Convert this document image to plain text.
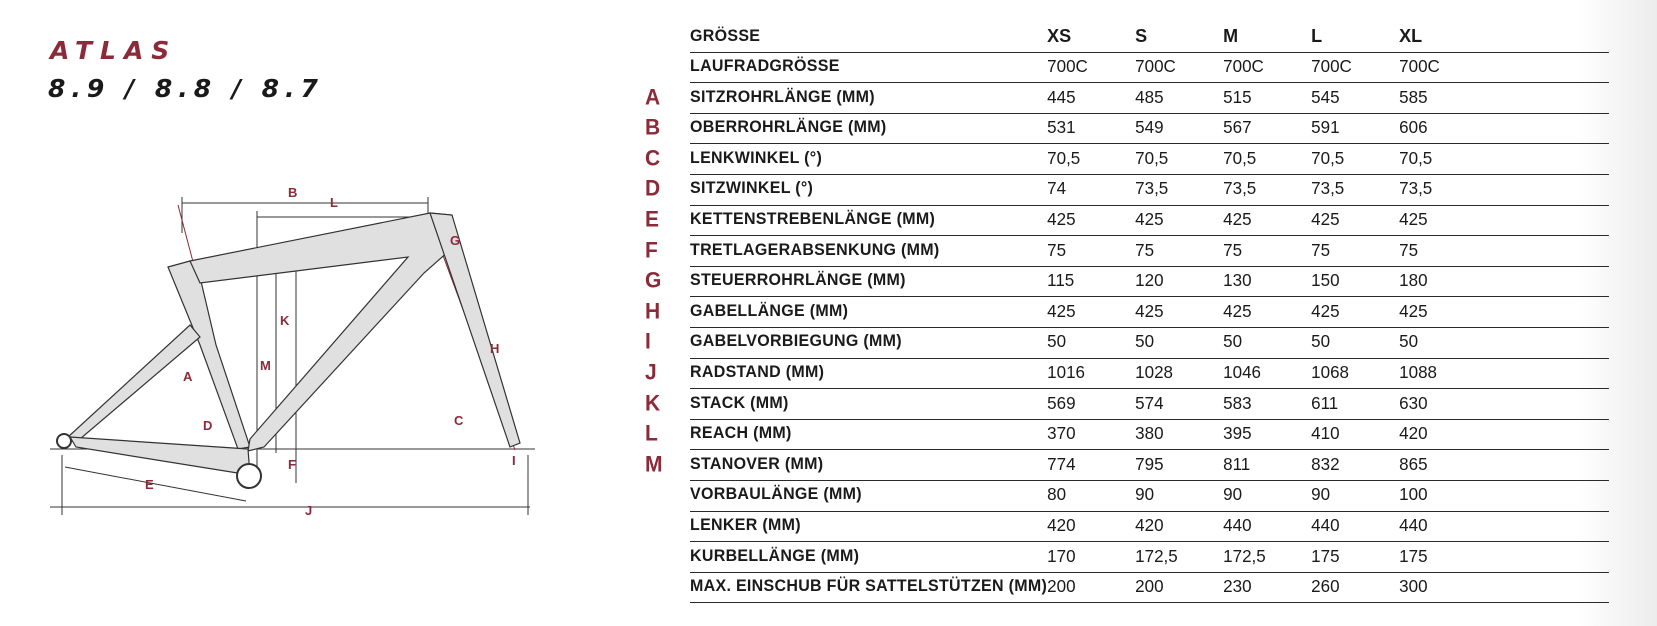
ATLAS
8.9 / 8.8 / 8.7
B
L
G
K
M
H
A
D	C
F	I
E
J
	GRÖSSE	XS	S	M	L	XL
	LAUFRADGRÖSSE	700C	700C	700C	700C	700C
A	SITZROHRLÄNGE (MM)	445	485	515	545	585
B	OBERROHRLÄNGE (MM)	531	549	567	591	606
C	LENKWINKEL (°)	70,5	70,5	70,5	70,5	70,5
D	SITZWINKEL (°)	74	73,5	73,5	73,5	73,5
E	KETTENSTREBENLÄNGE (MM)	425	425	425	425	425
F	TRETLAGERABSENKUNG (MM)	75	75	75	75	75
G	STEUERROHRLÄNGE (MM)	115	120	130	150	180
H	GABELLÄNGE (MM)	425	425	425	425	425
I	GABELVORBIEGUNG (MM)	50	50	50	50	50
J	RADSTAND (MM)	1016	1028	1046	1068	1088
K	STACK (MM)	569	574	583	611	630
L	REACH (MM)	370	380	395	410	420
M	STANOVER (MM)	774	795	811	832	865
	VORBAULÄNGE (MM)	80	90	90	90	100
	LENKER (MM)	420	420	440	440	440
	KURBELLÄNGE (MM)	170	172,5	172,5	175	175
	MAX. EINSCHUB FÜR SATTELSTÜTZEN (MM)	200	200	230	260	300
